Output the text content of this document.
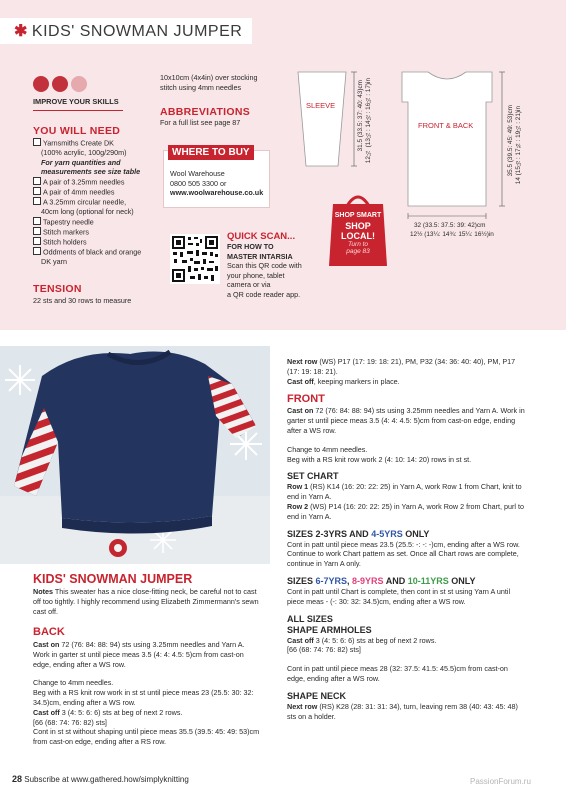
✱ KIDS' SNOWMAN JUMPER
IMPROVE YOUR SKILLS
YOU WILL NEED
Yarnsmiths Create DK
(100% acrylic, 100g/290m)
For yarn quantities and
measurements see size table
A pair of 3.25mm needles
A pair of 4mm needles
A 3.25mm circular needle,
40cm long (optional for neck)
Tapestry needle
Stitch markers
Stitch holders
Oddments of black and orange
DK yarn
TENSION
22 sts and 30 rows to measure
10x10cm (4x4in) over stocking
stitch using 4mm needles
ABBREVIATIONS
For a full list see page 87
WHERE TO BUY
Wool Warehouse
0800 505 3300 or
www.woolwarehouse.co.uk
QUICK SCAN...
FOR HOW TO
MASTER INTARSIA
Scan this QR code with
your phone, tablet
camera or via
a QR code reader app.
SHOP SMART
SHOP
LOCAL!
Turn to
page 83
SLEEVE
FRONT & BACK
31.5 (33.5: 37: 40: 43)cm 12¼ (13¼: 14½: 16¼: 17)in	35.5 (39.5: 45: 49: 53)cm 14 (15½: 17¾: 19¼: 21)in
32 (33.5: 37.5: 39: 42)cm
12½ (13¼: 14¾: 15¼: 16½)in
KIDS' SNOWMAN JUMPER
Notes This sweater has a nice close-fitting neck, be careful not to cast off too tightly. I highly recommend using Elizabeth Zimmermann's sewn cast off.
BACK
Cast on 72 (76: 84: 88: 94) sts using 3.25mm needles and Yarn A. Work in garter st until piece meas 3.5 (4: 4: 4.5: 5)cm from cast-on edge, ending after a WS row.
Change to 4mm needles.
Beg with a RS knit row work in st st until piece meas 23 (25.5: 30: 32: 34.5)cm, ending after a WS row.
Cast off 3 (4: 5: 6: 6) sts at beg of next 2 rows.
[66 (68: 74: 76: 82) sts]
Cont in st st without shaping until piece meas 35.5 (39.5: 45: 49: 53)cm from cast-on edge, ending after a RS row.
Next row (WS) P17 (17: 19: 18: 21), PM, P32 (34: 36: 40: 40), PM, P17 (17: 19: 18: 21).
Cast off, keeping markers in place.
FRONT
Cast on 72 (76: 84: 88: 94) sts using 3.25mm needles and Yarn A. Work in garter st until piece meas 3.5 (4: 4: 4.5: 5)cm from cast-on edge, ending after a WS row.
Change to 4mm needles.
Beg with a RS knit row work 2 (4: 10: 14: 20) rows in st st.
SET CHART
Row 1 (RS) K14 (16: 20: 22: 25) in Yarn A, work Row 1 from Chart, knit to end in Yarn A.
Row 2 (WS) P14 (16: 20: 22: 25) in Yarn A, work Row 2 from Chart, purl to end in Yarn A.
SIZES 2-3YRS AND 4-5YRS ONLY
Cont in patt until piece meas 23.5 (25.5: -: -: -)cm, ending after a WS row. Continue to work Chart pattern as set. Once all Chart rows are complete, continue in Yarn A only.
SIZES 6-7YRS, 8-9YRS AND 10-11YRS ONLY
Cont in patt until Chart is complete, then cont in st st using Yarn A until piece meas - (-: 30: 32: 34.5)cm, ending after a WS row.
ALL SIZES
SHAPE ARMHOLES
Cast off 3 (4: 5: 6: 6) sts at beg of next 2 rows.
[66 (68: 74: 76: 82) sts]
Cont in patt until piece meas 28 (32: 37.5: 41.5: 45.5)cm from cast-on edge, ending after a WS row.
SHAPE NECK
Next row (RS) K28 (28: 31: 31: 34), turn, leaving rem 38 (40: 43: 45: 48) sts on a holder.
28 Subscribe at www.gathered.how/simplyknitting	PassionForum.ru
